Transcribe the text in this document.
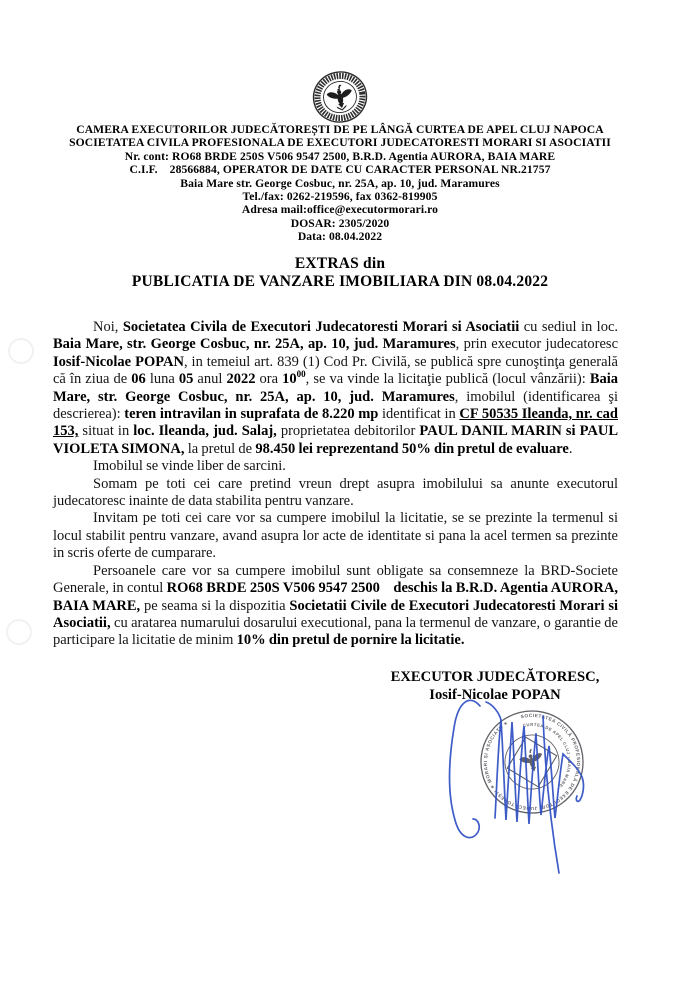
CAMERA EXECUTORILOR JUDECĂTOREȘTI DE PE LÂNGĂ CURTEA DE APEL CLUJ NAPOCA
SOCIETATEA CIVILA PROFESIONALA DE EXECUTORI JUDECATORESTI MORARI SI ASOCIATII
Nr. cont: RO68 BRDE 250S V506 9547 2500, B.R.D. Agentia AURORA, BAIA MARE
C.I.F.    28566884, OPERATOR DE DATE CU CARACTER PERSONAL NR.21757
Baia Mare str. George Cosbuc, nr. 25A, ap. 10, jud. Maramures
Tel./fax: 0262-219596, fax 0362-819905
Adresa mail:office@executormorari.ro
DOSAR: 2305/2020
Data: 08.04.2022
EXTRAS din
PUBLICATIA DE VANZARE IMOBILIARA DIN 08.04.2022

Noi, Societatea Civila de Executori Judecatoresti Morari si Asociatii cu sediul in loc. Baia Mare, str. George Cosbuc, nr. 25A, ap. 10, jud. Maramures, prin executor judecatoresc Iosif-Nicolae POPAN, in temeiul art. 839 (1) Cod Pr. Civilă, se publică spre cunoştinţa generală că în ziua de 06 luna 05 anul 2022 ora $10^{00}$, se va vinde la licitaţie publică (locul vânzării): Baia Mare, str. George Cosbuc, nr. 25A, ap. 10, jud. Maramures, imobilul (identificarea şi descrierea): teren intravilan in suprafata de 8.220 mp identificat in CF 50535 Ileanda, nr. cad 153, situat in loc. Ileanda, jud. Salaj, proprietatea debitorilor PAUL DANIL MARIN si PAUL VIOLETA SIMONA, la pretul de 98.450 lei reprezentand 50% din pretul de evaluare.

Imobilul se vinde liber de sarcini.

Somam pe toti cei care pretind vreun drept asupra imobilului sa anunte executorul judecatoresc inainte de data stabilita pentru vanzare.

Invitam pe toti cei care vor sa cumpere imobilul la licitatie, se se prezinte la termenul si locul stabilit pentru vanzare, avand asupra lor acte de identitate si pana la acel termen sa prezinte in scris oferte de cumparare.

Persoanele care vor sa cumpere imobilul sunt obligate sa consemneze la BRD-Societe Generale, in contul RO68 BRDE 250S V506 9547 2500 deschis la B.R.D. Agentia AURORA, BAIA MARE, pe seama si la dispozitia Societatii Civile de Executori Judecatoresti Morari si Asociatii, cu aratarea numarului dosarului executional, pana la termenul de vanzare, o garantie de participare la licitatie de minim 10% din pretul de pornire la licitatie.

EXECUTOR JUDECĂTORESC,
Iosif-Nicolae POPAN
SOCIETATEA CIVILĂ PROFESIONALĂ DE EXECUTORI JUDECĂTOREȘTI ✶ MORARI ȘI ASOCIAȚII ✶	CURTEA DE APEL CLUJ • BAIA MARE •
